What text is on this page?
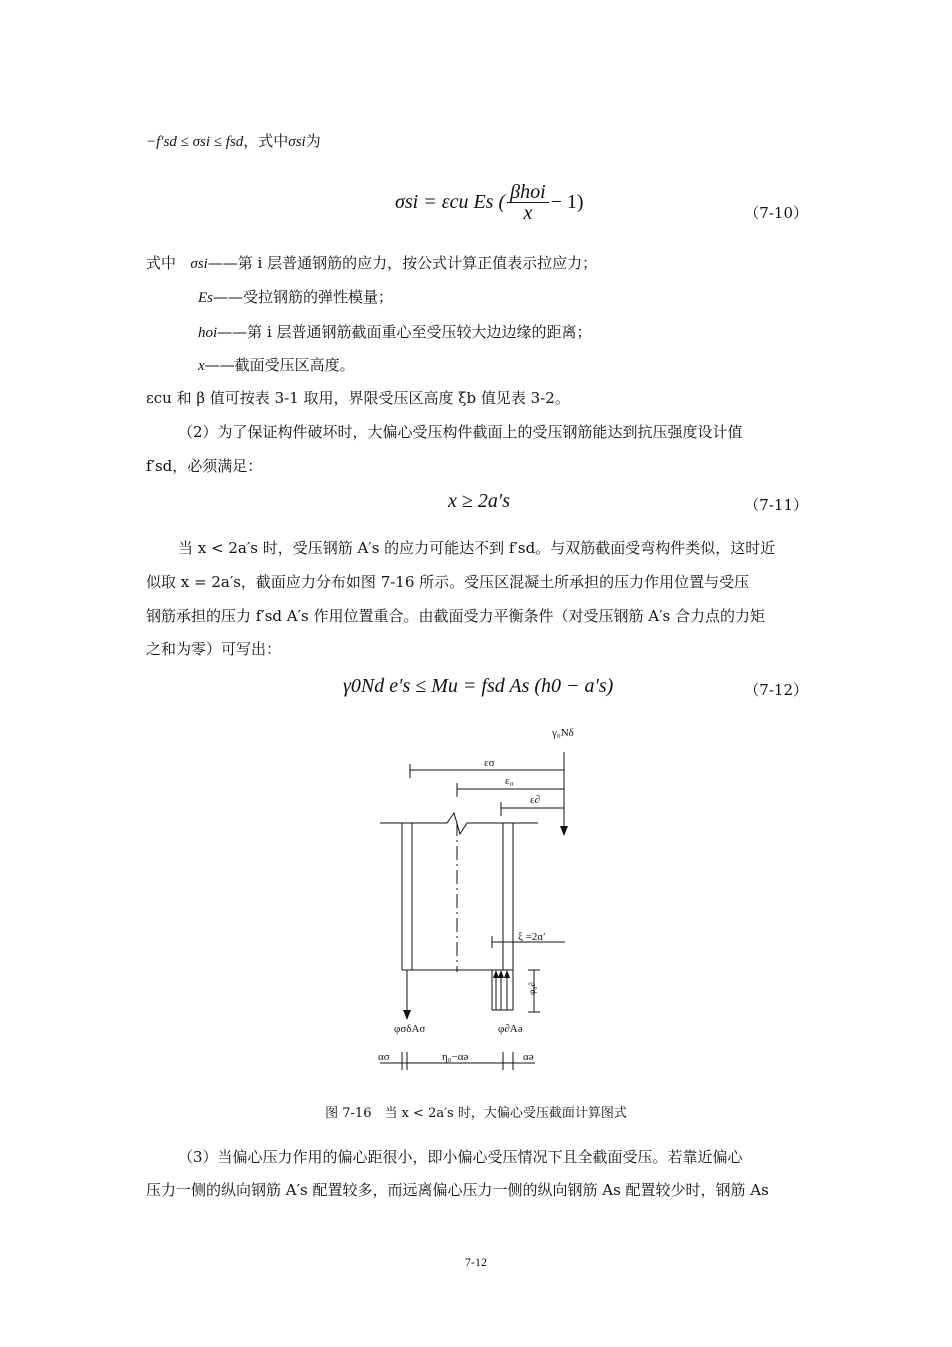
−f′sd ≤ σsi ≤ fsd，式中σsi为
σsi = εcu Es ( $\frac{\text{βhoi}}{x} - 1$)	（7-10）
式中 σsi——第 i 层普通钢筋的应力，按公式计算正值表示拉应力；
Es——受拉钢筋的弹性模量；
hoi——第 i 层普通钢筋截面重心至受压较大边边缘的距离；
x——截面受压区高度。
εcu 和 β 值可按表 3-1 取用，界限受压区高度 ξb 值见表 3-2。
（2）为了保证构件破坏时，大偏心受压构件截面上的受压钢筋能达到抗压强度设计值
f′sd，必须满足：
x ≥ 2a′s	（7-11）
当 x < 2a′s 时，受压钢筋 A′s 的应力可能达不到 f′sd。与双筋截面受弯构件类似，这时近
似取 x = 2a′s，截面应力分布如图 7-16 所示。受压区混凝土所承担的压力作用位置与受压
钢筋承担的压力 f′sd A′s 作用位置重合。由截面受力平衡条件（对受压钢筋 A′s 合力点的力矩
之和为零）可写出：
γ0Nd e′s ≤ Mu = fsd As (h0 − a′s)	（7-12）
γ₀Nδ
εσ
ε₀
ε∂
ξ =2ɑ′
φ₀∂
φσδAσ	φ∂Aə
ασ	η₀−αə	αə
图 7-16　当 x < 2a′s 时，大偏心受压截面计算图式
（3）当偏心压力作用的偏心距很小，即小偏心受压情况下且全截面受压。若靠近偏心
压力一侧的纵向钢筋 A′s 配置较多，而远离偏心压力一侧的纵向钢筋 As 配置较少时，钢筋 As
7-12
